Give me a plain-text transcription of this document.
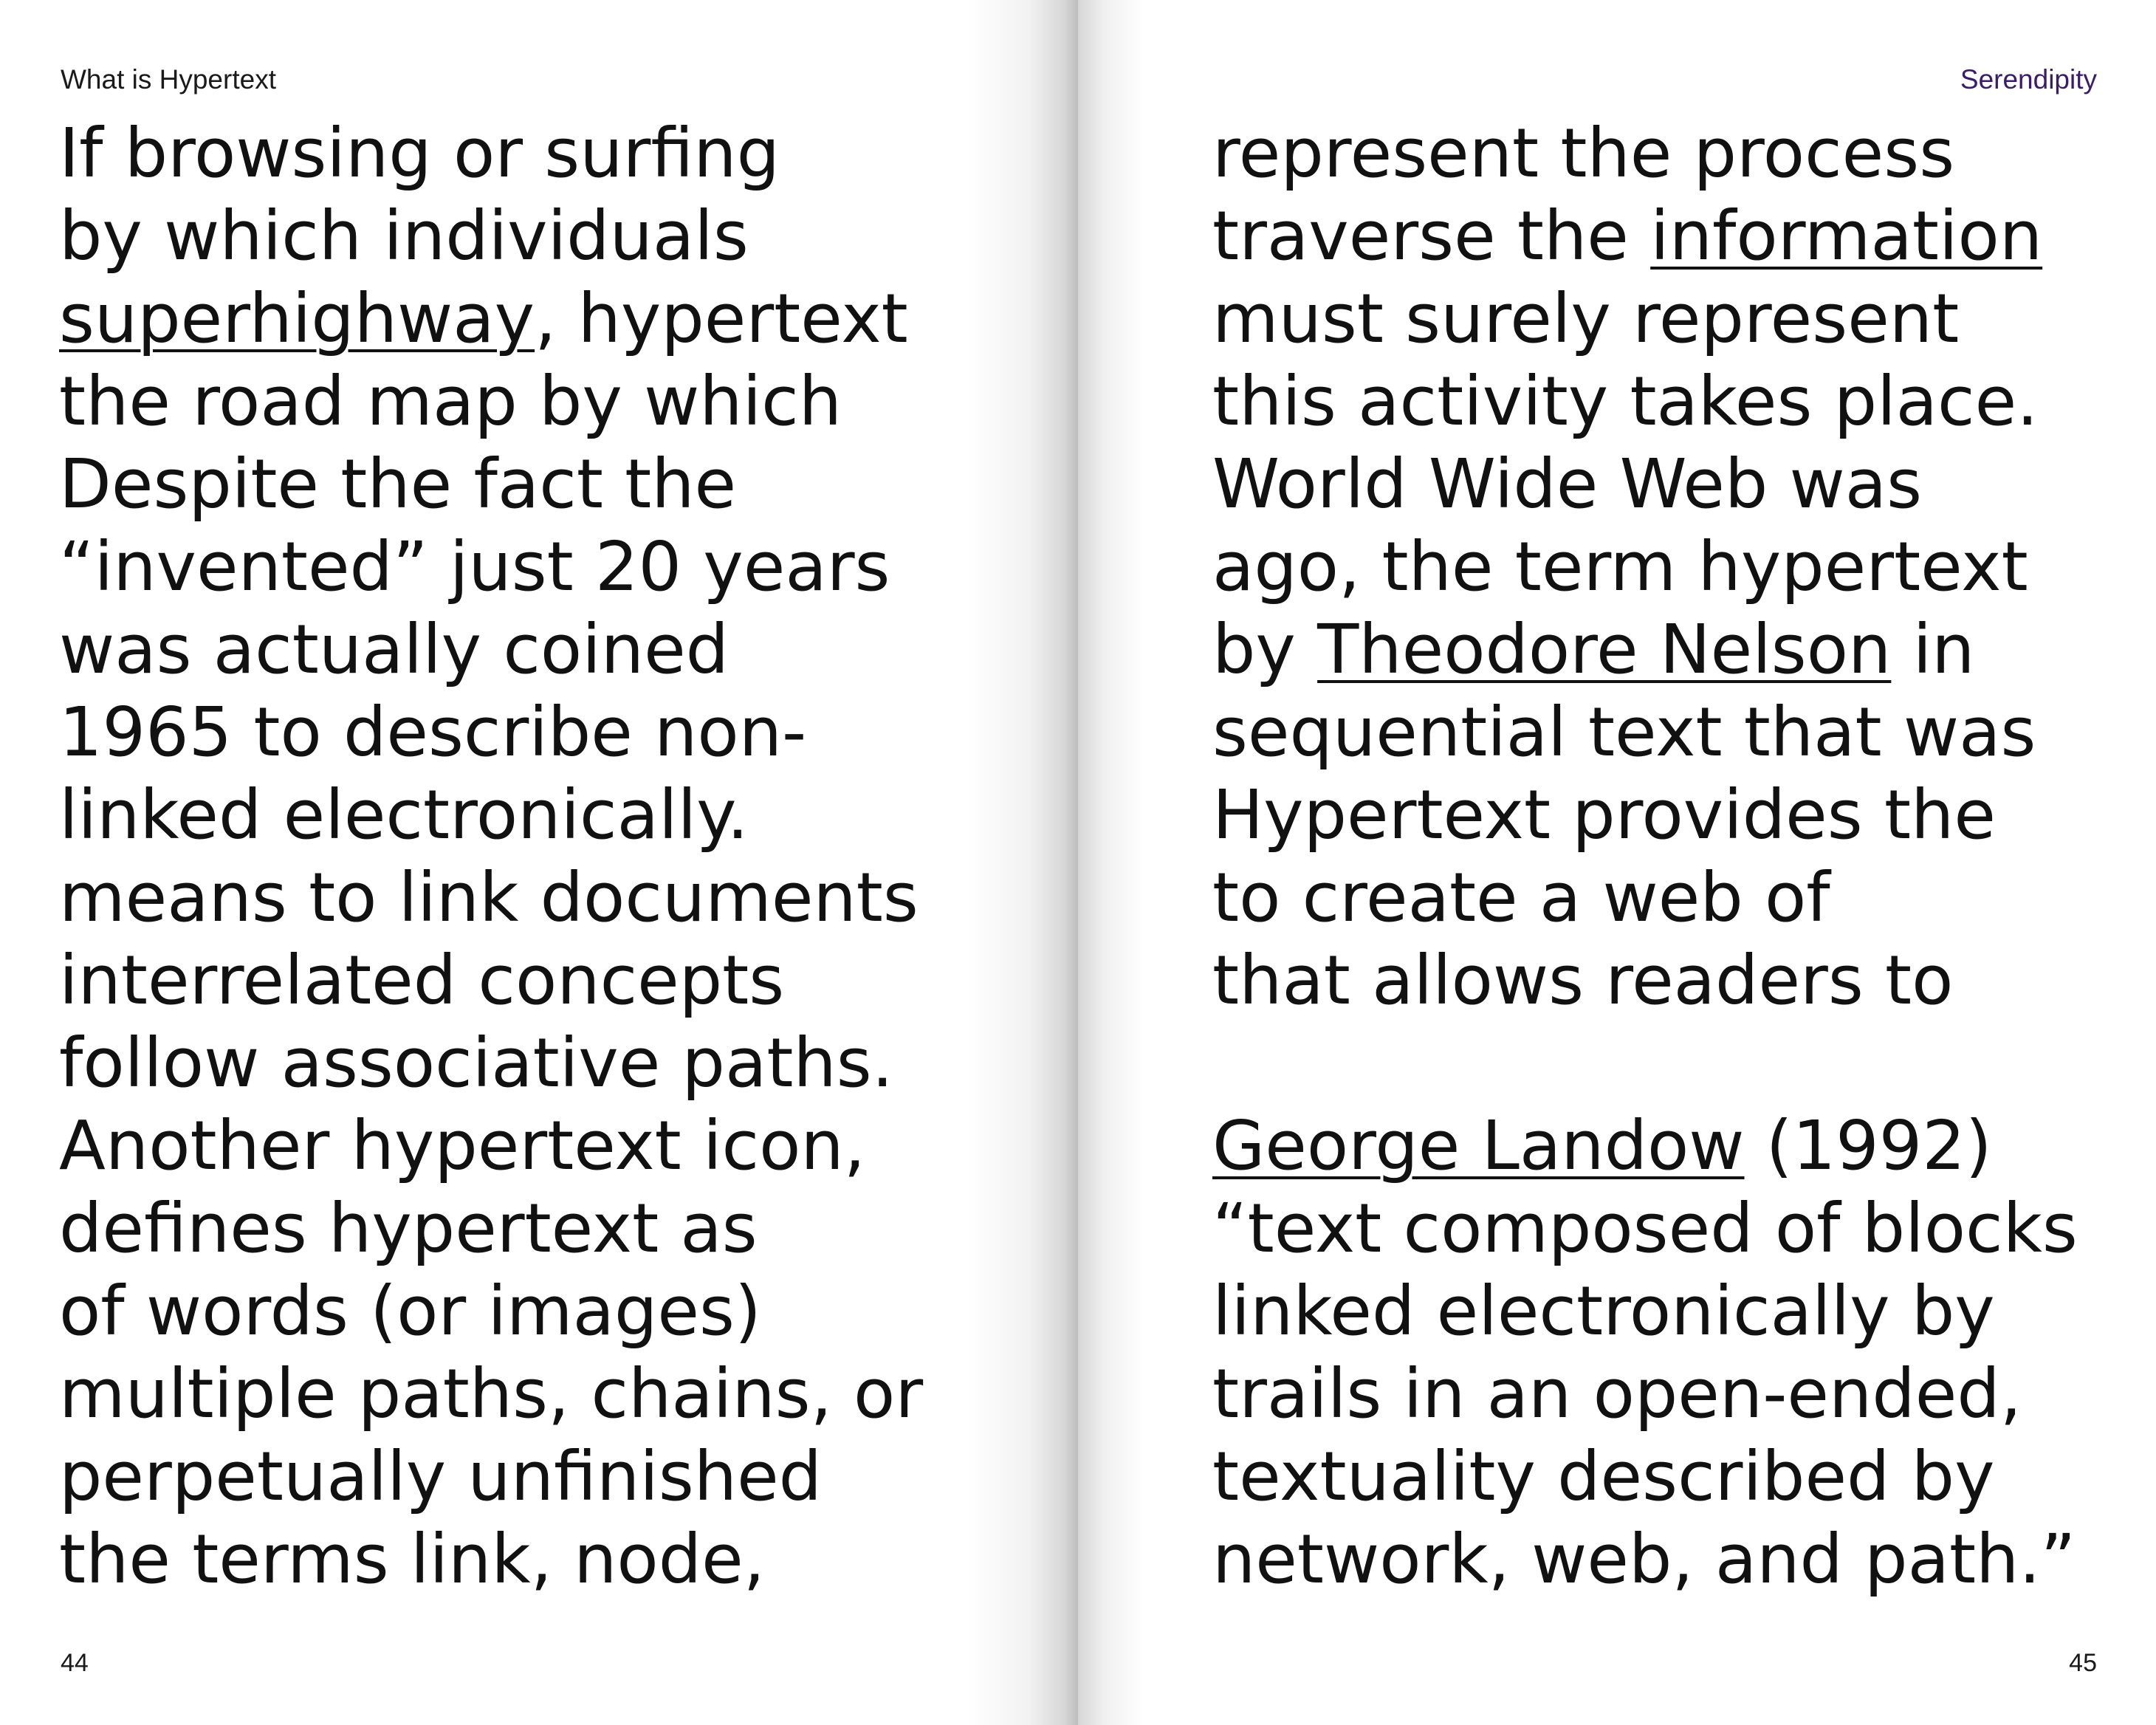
What is Hypertext
If browsing or surfing
by which individuals
superhighway, hypertext
the road map by which
Despite the fact the
“invented” just 20 years
was actually coined
1965 to describe non-
linked electronically.
means to link documents
interrelated concepts
follow associative paths.
Another hypertext icon,
defines hypertext as
of words (or images)
multiple paths, chains, or
perpetually unfinished
the terms link, node,
44
Serendipity
represent the process
traverse the information
must surely represent
this activity takes place.
World Wide Web was
ago, the term hypertext
by Theodore Nelson in
sequential text that was
Hypertext provides the
to create a web of
that allows readers to
George Landow (1992)
“text composed of blocks
linked electronically by
trails in an open-ended,
textuality described by
network, web, and path.”
45
